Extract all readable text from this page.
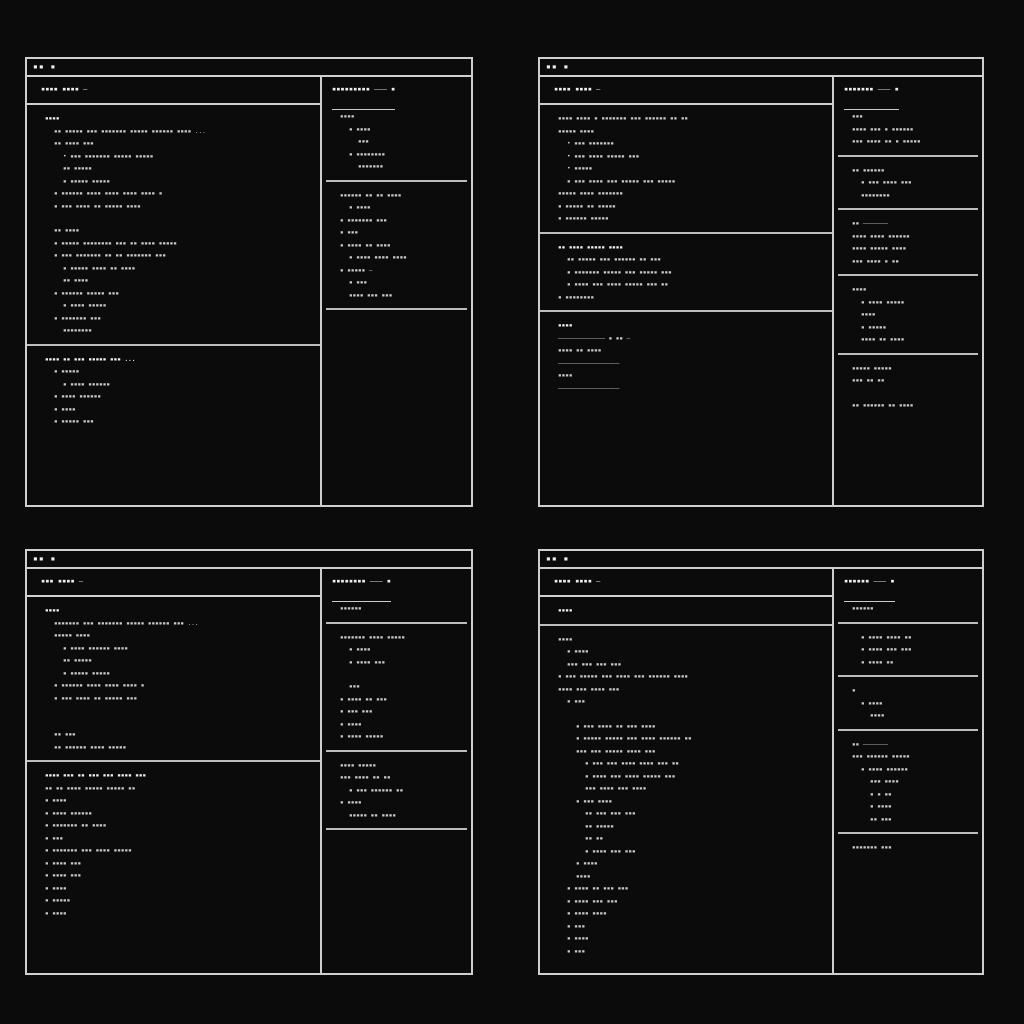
▪▪ ▪
▪▪▪▪ ▪▪▪▪ —
▪▪▪▪
▪▪ ▪▪▪▪▪ ▪▪▪ ▪▪▪▪▪▪▪ ▪▪▪▪▪ ▪▪▪▪▪▪ ▪▪▪▪ ...
▪▪ ▪▪▪▪ ▪▪▪
• ▪▪▪ ▪▪▪▪▪▪▪ ▪▪▪▪▪ ▪▪▪▪▪
▪▪ ▪▪▪▪▪
▪ ▪▪▪▪▪ ▪▪▪▪▪
▪ ▪▪▪▪▪▪ ▪▪▪▪ ▪▪▪▪ ▪▪▪▪ ▪▪▪▪ ▪
▪ ▪▪▪ ▪▪▪▪ ▪▪ ▪▪▪▪▪ ▪▪▪▪
▪▪ ▪▪▪▪
▪ ▪▪▪▪▪ ▪▪▪▪▪▪▪▪ ▪▪▪ ▪▪ ▪▪▪▪ ▪▪▪▪▪
▪ ▪▪▪ ▪▪▪▪▪▪▪ ▪▪ ▪▪ ▪▪▪▪▪▪▪ ▪▪▪
▪ ▪▪▪▪▪ ▪▪▪▪ ▪▪ ▪▪▪▪
▪▪ ▪▪▪▪
▪ ▪▪▪▪▪▪ ▪▪▪▪▪ ▪▪▪
▪ ▪▪▪▪ ▪▪▪▪▪
▪ ▪▪▪▪▪▪▪ ▪▪▪
▪▪▪▪▪▪▪▪
▪▪▪▪ ▪▪ ▪▪▪ ▪▪▪▪▪ ▪▪▪ ...
▪ ▪▪▪▪▪
▪ ▪▪▪▪ ▪▪▪▪▪▪
▪ ▪▪▪▪ ▪▪▪▪▪▪
▪ ▪▪▪▪
▪ ▪▪▪▪▪ ▪▪▪
▪▪▪▪▪▪▪▪▪ ——— ▪
▪▪▪▪
▪ ▪▪▪▪
▪▪▪
▪ ▪▪▪▪▪▪▪▪
▪▪▪▪▪▪▪
▪▪▪▪▪▪ ▪▪ ▪▪ ▪▪▪▪
▪ ▪▪▪▪
▪ ▪▪▪▪▪▪▪ ▪▪▪
▪ ▪▪▪
▪ ▪▪▪▪ ▪▪ ▪▪▪▪
▪ ▪▪▪▪ ▪▪▪▪ ▪▪▪▪
▪ ▪▪▪▪▪ —
▪ ▪▪▪
▪▪▪▪ ▪▪▪ ▪▪▪
▪▪ ▪
▪▪▪▪ ▪▪▪▪ —
▪▪▪▪ ▪▪▪▪ ▪ ▪▪▪▪▪▪▪ ▪▪▪ ▪▪▪▪▪▪ ▪▪ ▪▪
▪▪▪▪▪ ▪▪▪▪
• ▪▪▪ ▪▪▪▪▪▪▪
• ▪▪▪ ▪▪▪▪ ▪▪▪▪▪ ▪▪▪
• ▪▪▪▪▪
▪ ▪▪▪ ▪▪▪▪ ▪▪▪ ▪▪▪▪▪ ▪▪▪ ▪▪▪▪▪
▪▪▪▪▪ ▪▪▪▪ ▪▪▪▪▪▪▪
▪ ▪▪▪▪▪ ▪▪ ▪▪▪▪▪
▪ ▪▪▪▪▪▪ ▪▪▪▪▪
▪▪ ▪▪▪▪ ▪▪▪▪▪ ▪▪▪▪
▪▪ ▪▪▪▪▪ ▪▪▪ ▪▪▪▪▪▪ ▪▪ ▪▪▪
▪ ▪▪▪▪▪▪▪ ▪▪▪▪▪ ▪▪▪ ▪▪▪▪▪ ▪▪▪
▪ ▪▪▪▪ ▪▪▪ ▪▪▪▪ ▪▪▪▪▪ ▪▪▪ ▪▪
▪ ▪▪▪▪▪▪▪▪
▪▪▪▪
————————————— ▪ ▪▪ —
▪▪▪▪ ▪▪ ▪▪▪▪
—————————————————
▪▪▪▪
—————————————————
▪▪▪▪▪▪▪ ——— ▪
▪▪▪
▪▪▪▪ ▪▪▪ ▪ ▪▪▪▪▪▪
▪▪▪ ▪▪▪▪ ▪▪ ▪ ▪▪▪▪▪
▪▪ ▪▪▪▪▪▪
▪ ▪▪▪ ▪▪▪▪ ▪▪▪
▪▪▪▪▪▪▪▪
▪▪ ———————
▪▪▪▪ ▪▪▪▪ ▪▪▪▪▪▪
▪▪▪▪ ▪▪▪▪▪ ▪▪▪▪
▪▪▪ ▪▪▪▪ ▪ ▪▪
▪▪▪▪
▪ ▪▪▪▪ ▪▪▪▪▪
▪▪▪▪
▪ ▪▪▪▪▪
▪▪▪▪ ▪▪ ▪▪▪▪
▪▪▪▪▪ ▪▪▪▪▪
▪▪▪ ▪▪ ▪▪
▪▪ ▪▪▪▪▪▪ ▪▪ ▪▪▪▪
▪▪ ▪
▪▪▪ ▪▪▪▪ —
▪▪▪▪
▪▪▪▪▪▪▪ ▪▪▪ ▪▪▪▪▪▪▪ ▪▪▪▪▪ ▪▪▪▪▪▪ ▪▪▪ ...
▪▪▪▪▪ ▪▪▪▪
▪ ▪▪▪▪ ▪▪▪▪▪▪ ▪▪▪▪
▪▪ ▪▪▪▪▪
▪ ▪▪▪▪▪ ▪▪▪▪▪
▪ ▪▪▪▪▪▪ ▪▪▪▪ ▪▪▪▪ ▪▪▪▪ ▪
▪ ▪▪▪ ▪▪▪▪ ▪▪ ▪▪▪▪▪ ▪▪▪
▪▪ ▪▪▪
▪▪ ▪▪▪▪▪▪ ▪▪▪▪ ▪▪▪▪▪
▪▪▪▪ ▪▪▪ ▪▪ ▪▪▪ ▪▪▪ ▪▪▪▪ ▪▪▪
▪▪ ▪▪ ▪▪▪▪ ▪▪▪▪▪ ▪▪▪▪▪ ▪▪
▪ ▪▪▪▪
▪ ▪▪▪▪ ▪▪▪▪▪▪
▪ ▪▪▪▪▪▪▪ ▪▪ ▪▪▪▪
▪ ▪▪▪
▪ ▪▪▪▪▪▪▪ ▪▪▪ ▪▪▪▪ ▪▪▪▪▪
▪ ▪▪▪▪ ▪▪▪
▪ ▪▪▪▪ ▪▪▪
▪ ▪▪▪▪
▪ ▪▪▪▪▪
▪ ▪▪▪▪
▪▪▪▪▪▪▪▪ ——— ▪
▪▪▪▪▪▪
▪▪▪▪▪▪▪ ▪▪▪▪ ▪▪▪▪▪
▪ ▪▪▪▪
▪ ▪▪▪▪ ▪▪▪
▪▪▪
▪ ▪▪▪▪ ▪▪ ▪▪▪
▪ ▪▪▪ ▪▪▪
▪ ▪▪▪▪
▪ ▪▪▪▪ ▪▪▪▪▪
▪▪▪▪ ▪▪▪▪▪
▪▪▪ ▪▪▪▪ ▪▪ ▪▪
▪ ▪▪▪ ▪▪▪▪▪▪ ▪▪
▪ ▪▪▪▪
▪▪▪▪▪ ▪▪ ▪▪▪▪
▪▪ ▪
▪▪▪▪ ▪▪▪▪ —
▪▪▪▪
▪▪▪▪
▪ ▪▪▪▪
▪▪▪ ▪▪▪ ▪▪▪ ▪▪▪
▪ ▪▪▪ ▪▪▪▪▪ ▪▪▪ ▪▪▪▪ ▪▪▪ ▪▪▪▪▪▪ ▪▪▪▪
▪▪▪▪ ▪▪▪ ▪▪▪▪ ▪▪▪
▪ ▪▪▪
▪ ▪▪▪ ▪▪▪▪ ▪▪ ▪▪▪ ▪▪▪▪
▪ ▪▪▪▪▪ ▪▪▪▪▪ ▪▪▪ ▪▪▪▪ ▪▪▪▪▪▪ ▪▪
▪▪▪ ▪▪▪ ▪▪▪▪▪ ▪▪▪▪ ▪▪▪
▪ ▪▪▪ ▪▪▪ ▪▪▪▪ ▪▪▪▪ ▪▪▪ ▪▪
▪ ▪▪▪▪ ▪▪▪ ▪▪▪▪ ▪▪▪▪▪ ▪▪▪
▪▪▪ ▪▪▪▪ ▪▪▪ ▪▪▪▪
▪ ▪▪▪ ▪▪▪▪
▪▪ ▪▪▪ ▪▪▪ ▪▪▪
▪▪ ▪▪▪▪▪
▪▪ ▪▪
▪ ▪▪▪▪ ▪▪▪ ▪▪▪
▪ ▪▪▪▪
▪▪▪▪
▪ ▪▪▪▪ ▪▪ ▪▪▪ ▪▪▪
▪ ▪▪▪▪ ▪▪▪ ▪▪▪
▪ ▪▪▪▪ ▪▪▪▪
▪ ▪▪▪
▪ ▪▪▪▪
▪ ▪▪▪
▪▪▪▪▪▪ ——— ▪
▪▪▪▪▪▪
▪ ▪▪▪▪ ▪▪▪▪ ▪▪
▪ ▪▪▪▪ ▪▪▪ ▪▪▪
▪ ▪▪▪▪ ▪▪
▪
▪ ▪▪▪▪
▪▪▪▪
▪▪ ———————
▪▪▪ ▪▪▪▪▪▪ ▪▪▪▪▪
▪ ▪▪▪▪ ▪▪▪▪▪▪
▪▪▪ ▪▪▪▪
▪ ▪ ▪▪
▪ ▪▪▪▪
▪▪ ▪▪▪
▪▪▪▪▪▪▪ ▪▪▪
